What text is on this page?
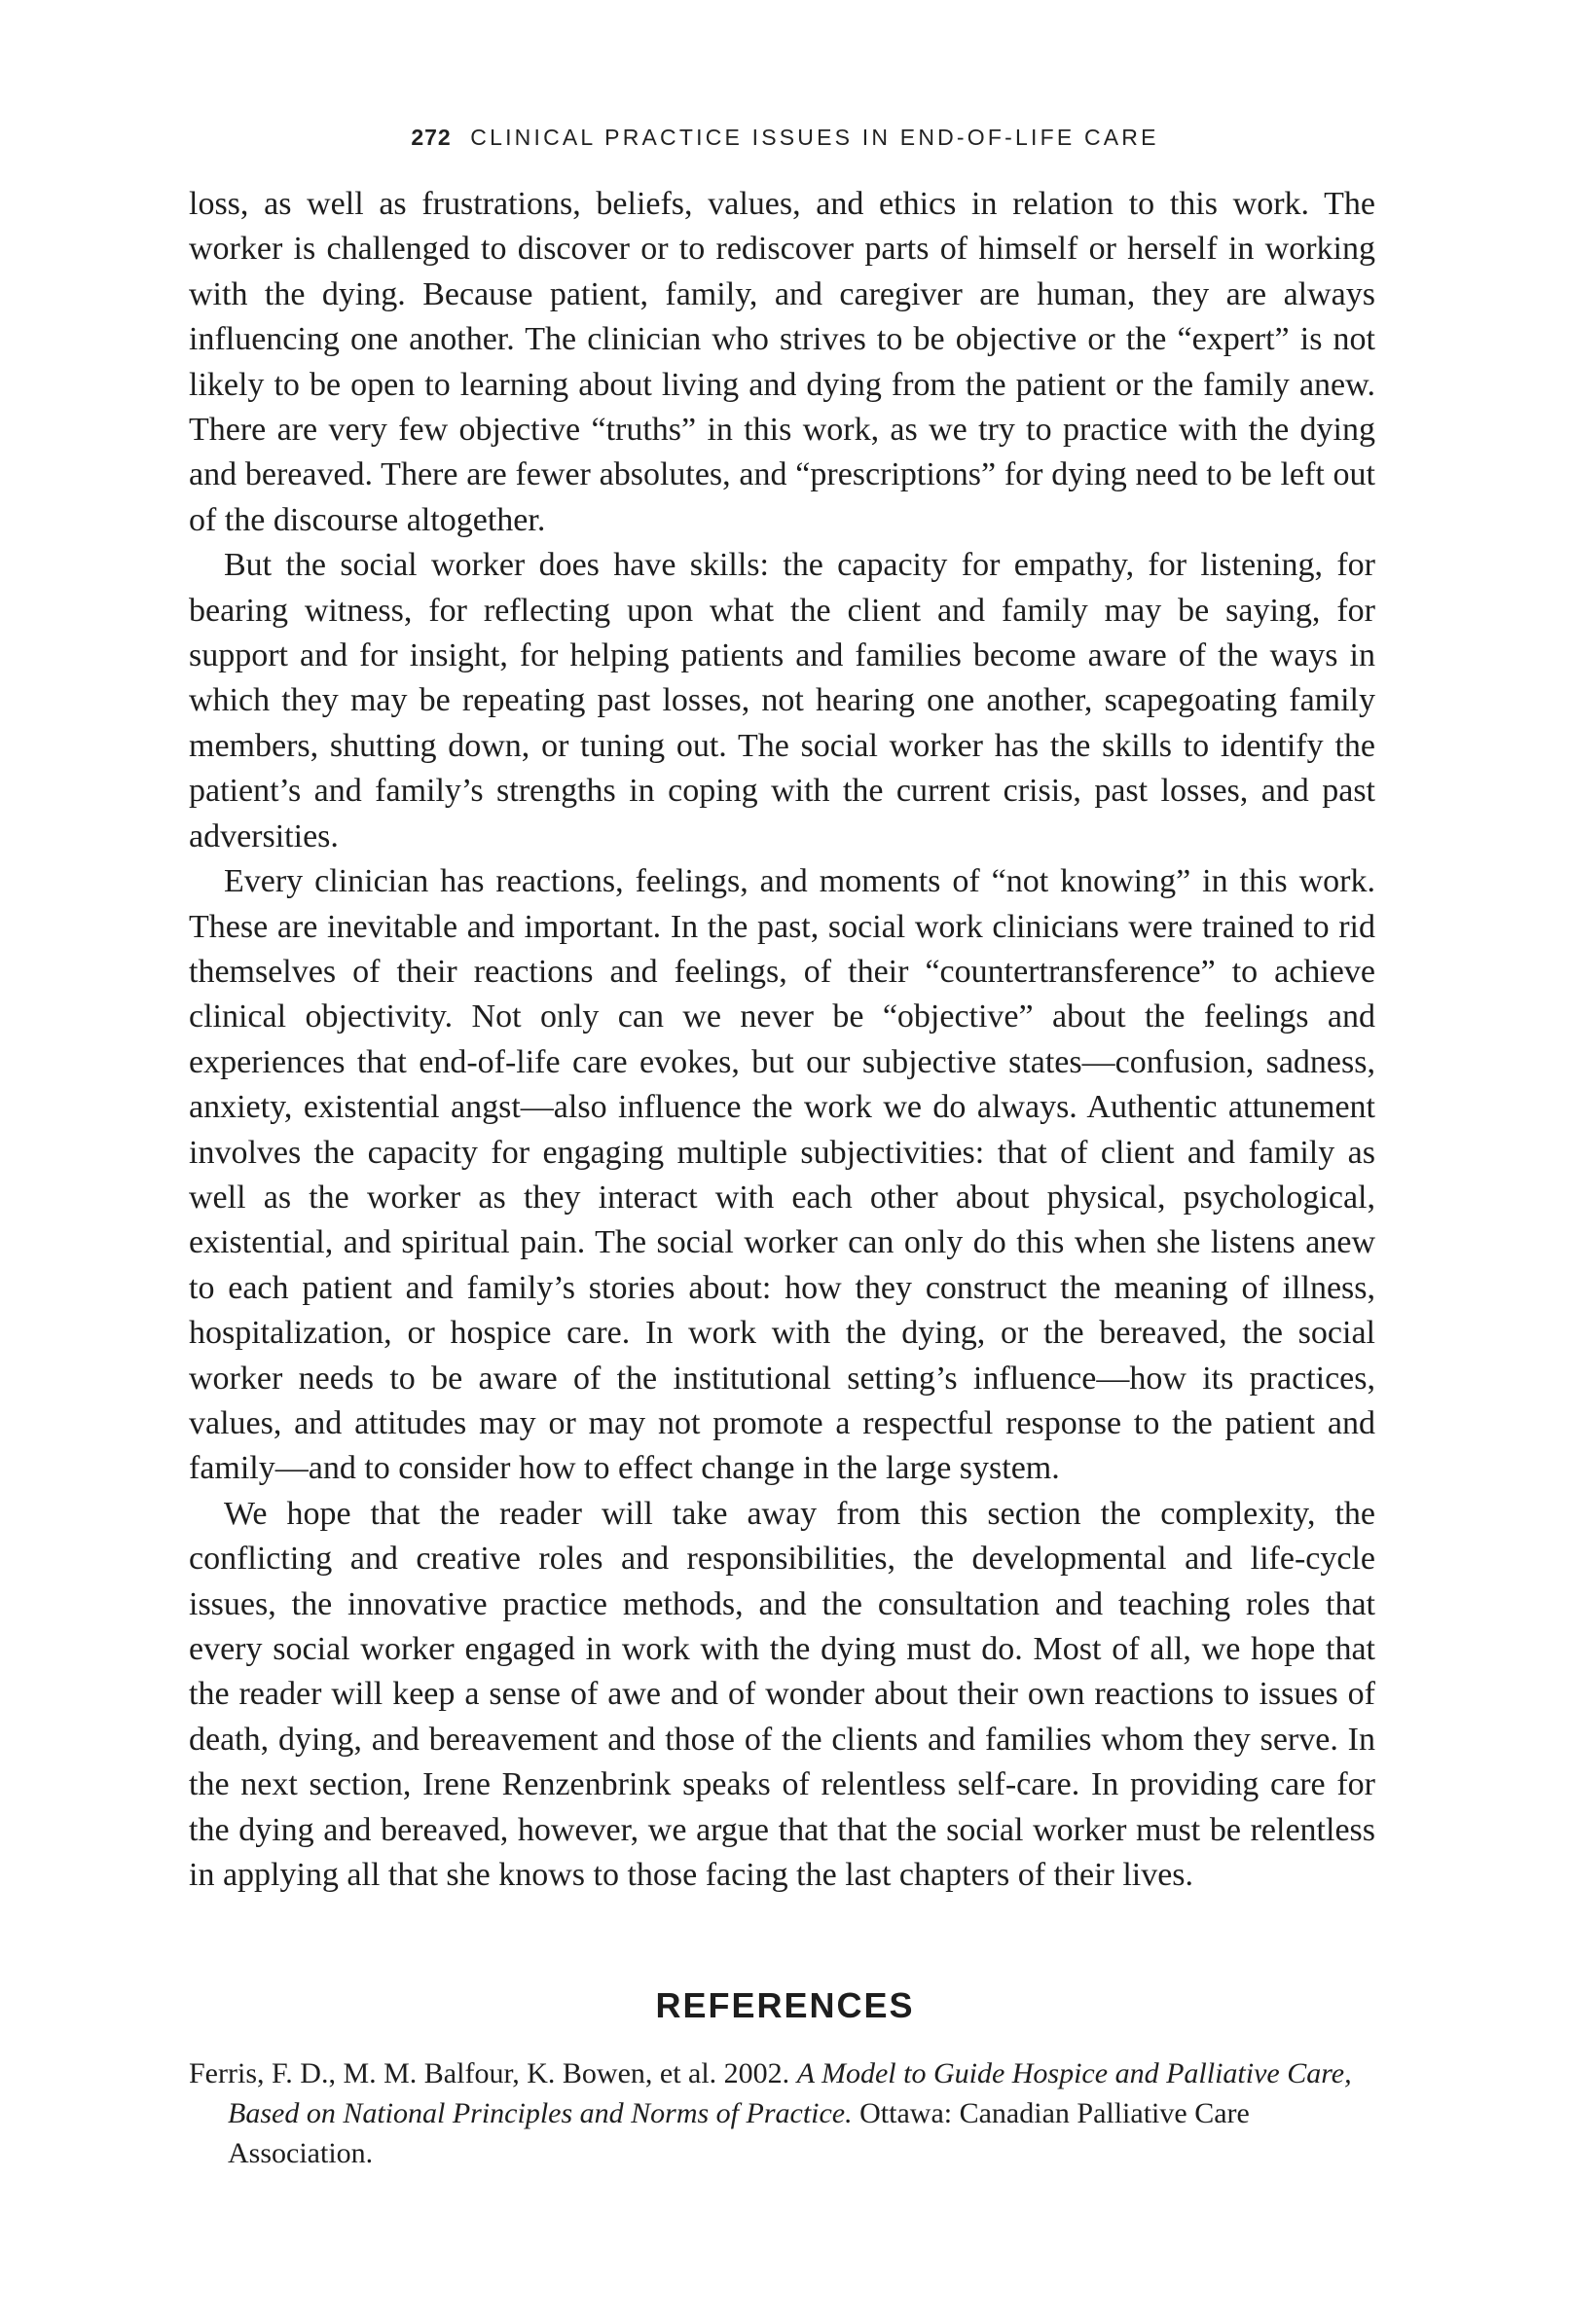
272 CLINICAL PRACTICE ISSUES IN END-OF-LIFE CARE

loss, as well as frustrations, beliefs, values, and ethics in relation to this work. The worker is challenged to discover or to rediscover parts of himself or herself in working with the dying. Because patient, family, and caregiver are human, they are always influencing one another. The clinician who strives to be objective or the “expert” is not likely to be open to learning about living and dying from the patient or the family anew. There are very few objective “truths” in this work, as we try to practice with the dying and bereaved. There are fewer absolutes, and “prescriptions” for dying need to be left out of the discourse altogether.

But the social worker does have skills: the capacity for empathy, for listening, for bearing witness, for reflecting upon what the client and family may be saying, for support and for insight, for helping patients and families become aware of the ways in which they may be repeating past losses, not hearing one another, scapegoating family members, shutting down, or tuning out. The social worker has the skills to identify the patient’s and family’s strengths in coping with the current crisis, past losses, and past adversities.

Every clinician has reactions, feelings, and moments of “not knowing” in this work. These are inevitable and important. In the past, social work clinicians were trained to rid themselves of their reactions and feelings, of their “countertransference” to achieve clinical objectivity. Not only can we never be “objective” about the feelings and experiences that end-of-life care evokes, but our subjective states—confusion, sadness, anxiety, existential angst—also influence the work we do always. Authentic attunement involves the capacity for engaging multiple subjectivities: that of client and family as well as the worker as they interact with each other about physical, psychological, existential, and spiritual pain. The social worker can only do this when she listens anew to each patient and family’s stories about: how they construct the meaning of illness, hospitalization, or hospice care. In work with the dying, or the bereaved, the social worker needs to be aware of the institutional setting’s influence—how its practices, values, and attitudes may or may not promote a respectful response to the patient and family—and to consider how to effect change in the large system.

We hope that the reader will take away from this section the complexity, the conflicting and creative roles and responsibilities, the developmental and life-cycle issues, the innovative practice methods, and the consultation and teaching roles that every social worker engaged in work with the dying must do. Most of all, we hope that the reader will keep a sense of awe and of wonder about their own reactions to issues of death, dying, and bereavement and those of the clients and families whom they serve. In the next section, Irene Renzenbrink speaks of relentless self-care. In providing care for the dying and bereaved, however, we argue that that the social worker must be relentless in applying all that she knows to those facing the last chapters of their lives.

REFERENCES

Ferris, F. D., M. M. Balfour, K. Bowen, et al. 2002. A Model to Guide Hospice and Palliative Care, Based on National Principles and Norms of Practice. Ottawa: Canadian Palliative Care Association.
